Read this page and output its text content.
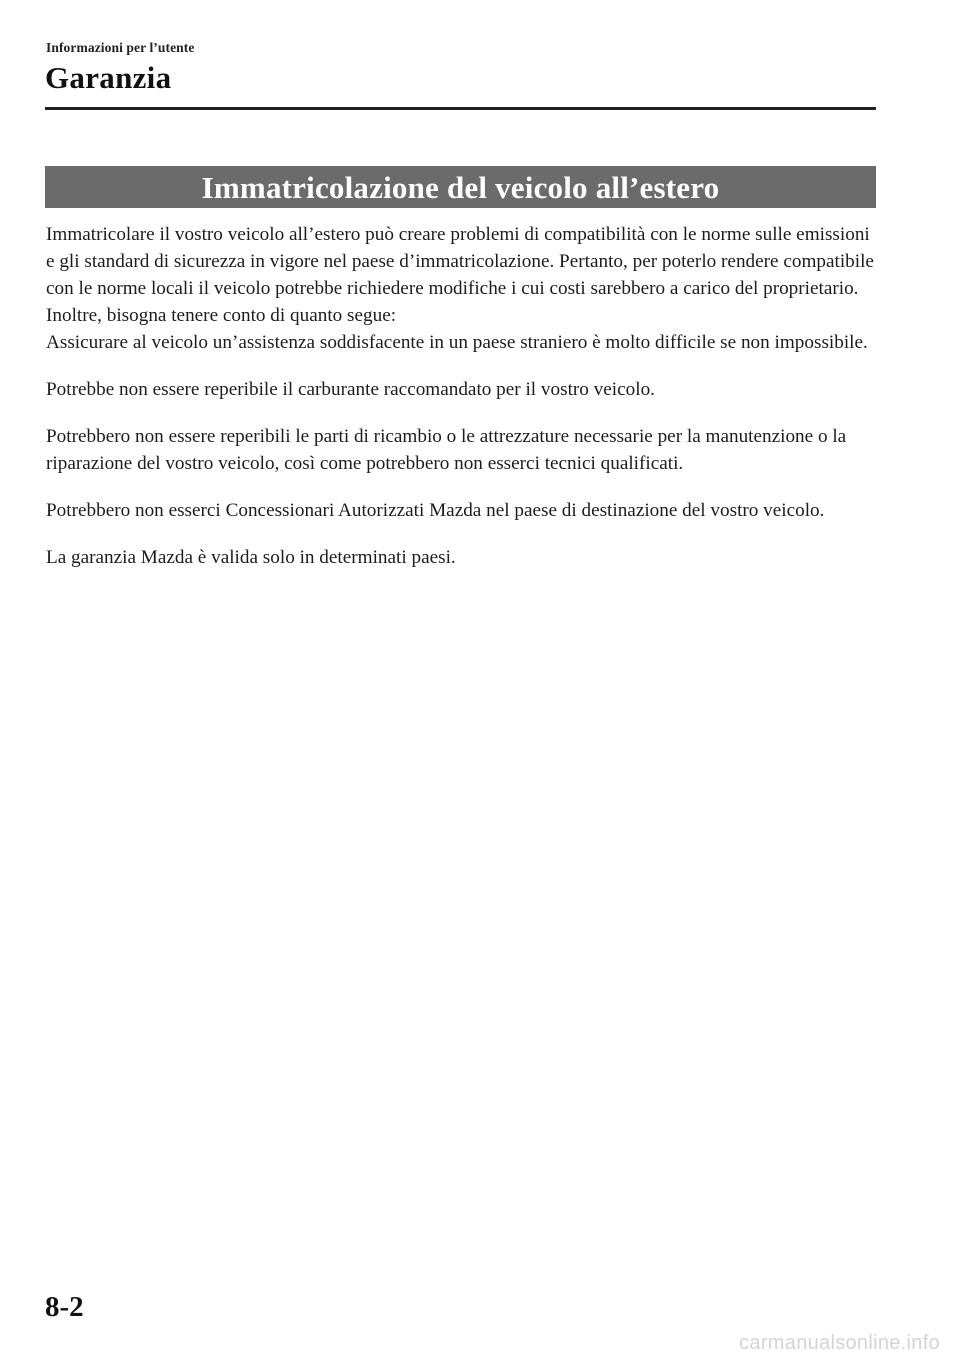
Informazioni per l’utente
Garanzia
Immatricolazione del veicolo all’estero

Immatricolare il vostro veicolo all’estero può creare problemi di compatibilità con le norme sulle emissioni e gli standard di sicurezza in vigore nel paese d’immatricolazione. Pertanto, per poterlo rendere compatibile con le norme locali il veicolo potrebbe richiedere modifiche i cui costi sarebbero a carico del proprietario.

Inoltre, bisogna tenere conto di quanto segue:

Assicurare al veicolo un’assistenza soddisfacente in un paese straniero è molto difficile se non impossibile.

Potrebbe non essere reperibile il carburante raccomandato per il vostro veicolo.

Potrebbero non essere reperibili le parti di ricambio o le attrezzature necessarie per la manutenzione o la riparazione del vostro veicolo, così come potrebbero non esserci tecnici qualificati.

Potrebbero non esserci Concessionari Autorizzati Mazda nel paese di destinazione del vostro veicolo.

La garanzia Mazda è valida solo in determinati paesi.

8-2
carmanualsonline.info
